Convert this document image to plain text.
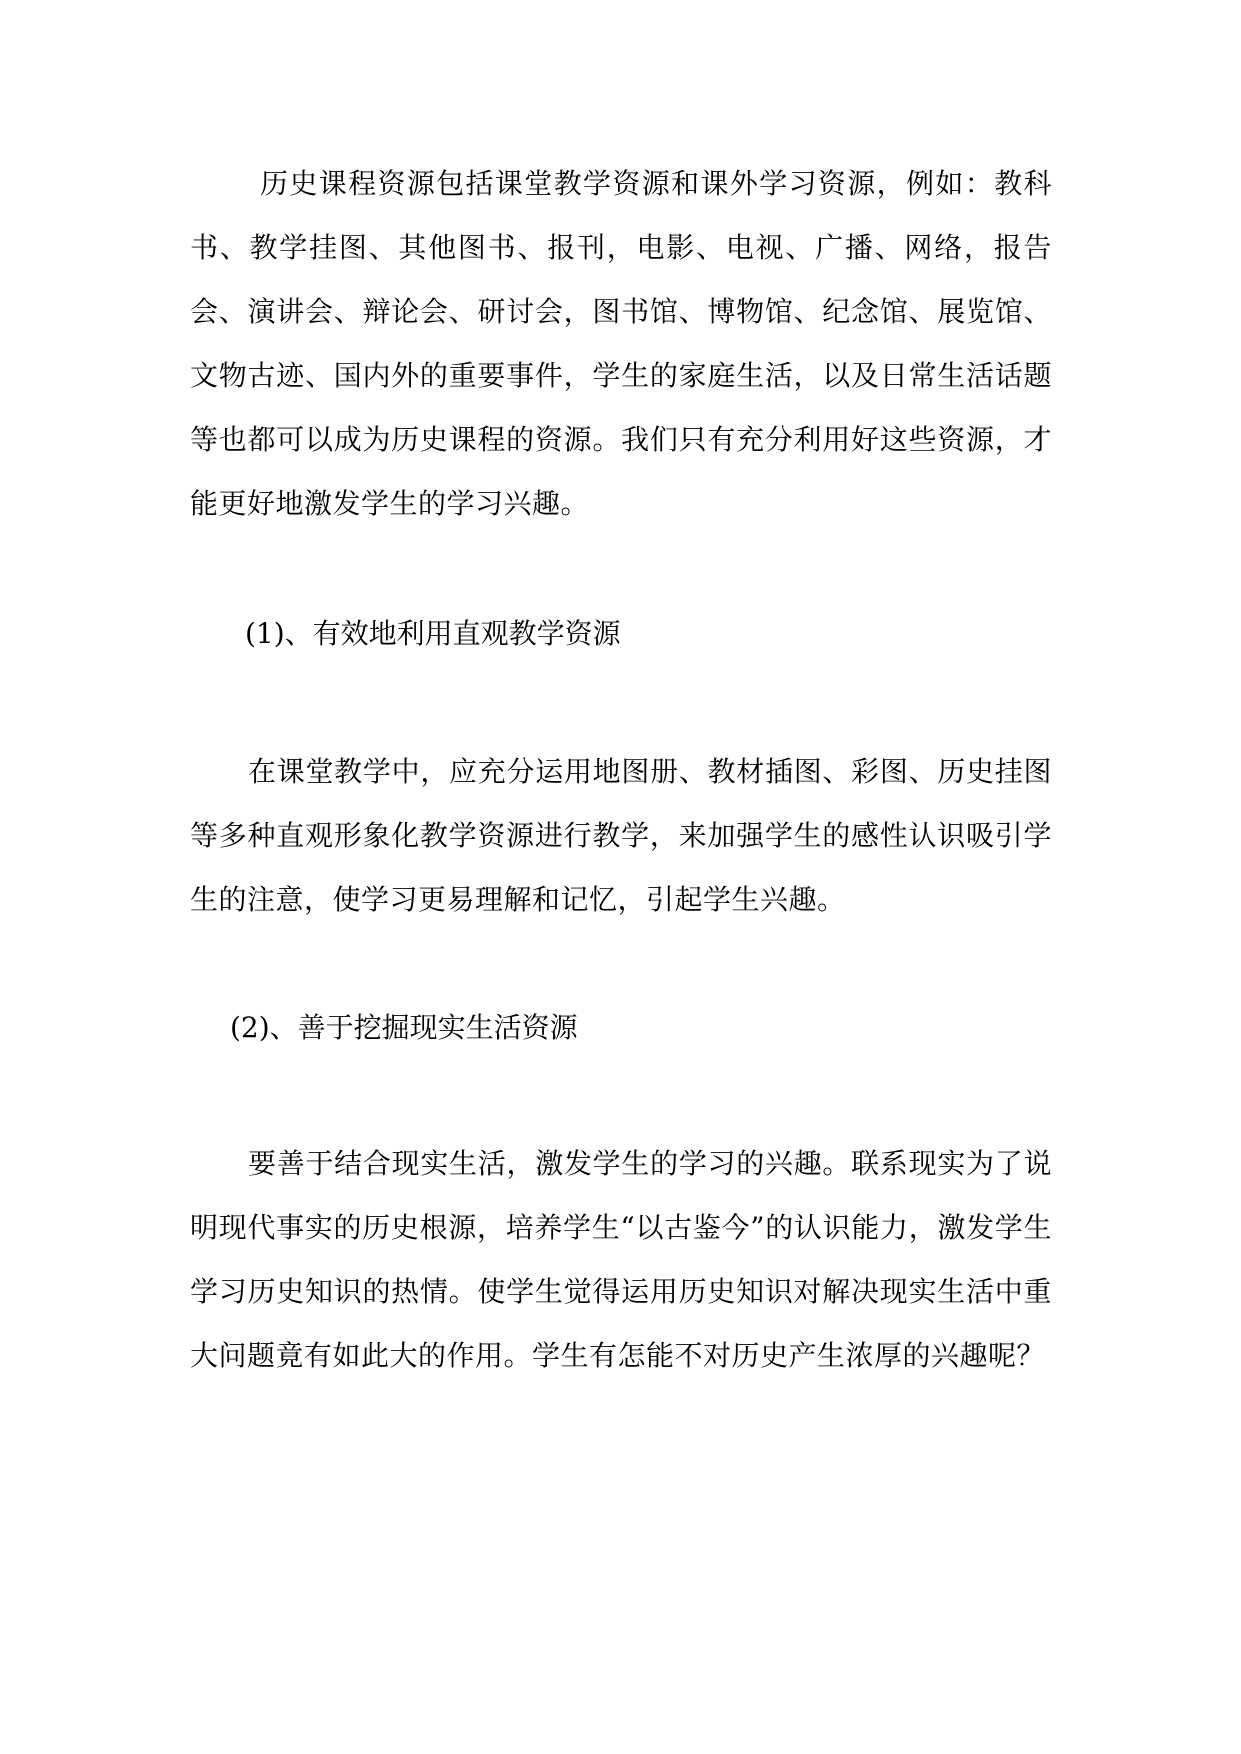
历史课程资源包括课堂教学资源和课外学习资源，例如：教科书、教学挂图、其他图书、报刊，电影、电视、广播、网络，报告会、演讲会、辩论会、研讨会，图书馆、博物馆、纪念馆、展览馆、文物古迹、国内外的重要事件，学生的家庭生活，以及日常生活话题等也都可以成为历史课程的资源。我们只有充分利用好这些资源，才能更好地激发学生的学习兴趣。

(1)、有效地利用直观教学资源

在课堂教学中，应充分运用地图册、教材插图、彩图、历史挂图等多种直观形象化教学资源进行教学，来加强学生的感性认识吸引学生的注意，使学习更易理解和记忆，引起学生兴趣。

(2)、善于挖掘现实生活资源

要善于结合现实生活，激发学生的学习的兴趣。联系现实为了说明现代事实的历史根源，培养学生“以古鉴今”的认识能力，激发学生学习历史知识的热情。使学生觉得运用历史知识对解决现实生活中重大问题竟有如此大的作用。学生有怎能不对历史产生浓厚的兴趣呢？
